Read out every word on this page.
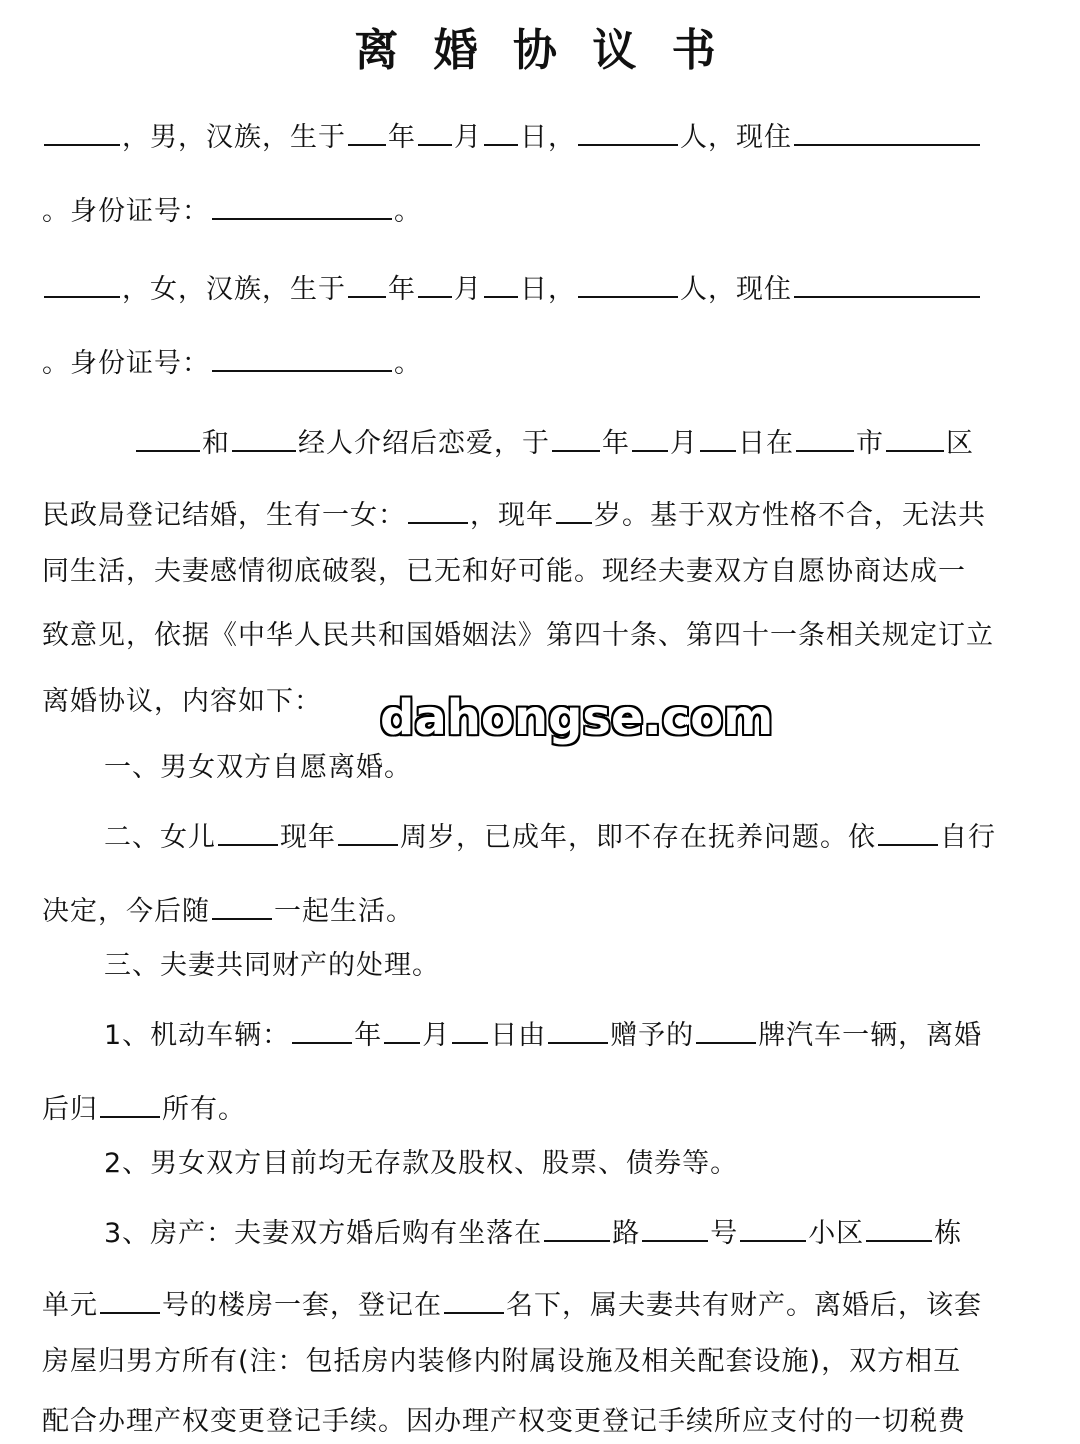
离 婚 协 议 书
，男，汉族，生于 年 月 日，	人，现住
。身份证号：	。
，女，汉族，生于 年 月 日，	人，现住
。身份证号：	。
和	经人介绍后恋爱，于 年 月 日在 市 区
民政局登记结婚，生有一女： ，现年 岁。基于双方性格不合，无法共
同生活，夫妻感情彻底破裂，已无和好可能。现经夫妻双方自愿协商达成一
致意见，依据《中华人民共和国婚姻法》第四十条、第四十一条相关规定订立
离婚协议，内容如下：
一、男女双方自愿离婚。
二、女儿 现年 周岁，已成年，即不存在抚养问题。依 自行
决定，今后随 一起生活。
三、夫妻共同财产的处理。
1、机动车辆： 年 月 日由 赠予的 牌汽车一辆，离婚
后归 所有。
2、男女双方目前均无存款及股权、股票、债券等。
3、房产：夫妻双方婚后购有坐落在	路	号	小区	栋
单元 号的楼房一套，登记在 名下，属夫妻共有财产。离婚后，该套
房屋归男方所有(注：包括房内装修内附属设施及相关配套设施)，双方相互
配合办理产权变更登记手续。因办理产权变更登记手续所应支付的一切税费
dahongse.com
